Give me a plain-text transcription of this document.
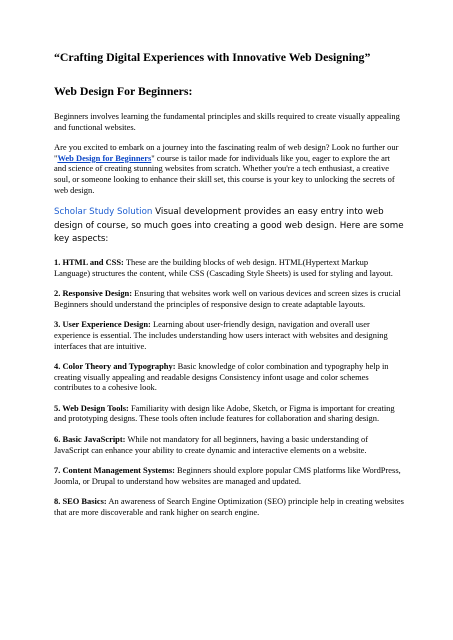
“Crafting Digital Experiences with Innovative Web Designing”
Web Design For Beginners:

Beginners involves learning the fundamental principles and skills required to create visually appealing and functional websites.

Are you excited to embark on a journey into the fascinating realm of web design? Look no further our "Web Design for Beginners" course is tailor made for individuals like you, eager to explore the art and science of creating stunning websites from scratch. Whether you're a tech enthusiast, a creative soul, or someone looking to enhance their skill set, this course is your key to unlocking the secrets of web design.

Scholar Study Solution Visual development provides an easy entry into web design of course, so much goes into creating a good web design. Here are some key aspects:

1. HTML and CSS: These are the building blocks of web design. HTML(Hypertext Markup Language) structures the content, while CSS (Cascading Style Sheets) is used for styling and layout.

2. Responsive Design: Ensuring that websites work well on various devices and screen sizes is crucial Beginners should understand the principles of responsive design to create adaptable layouts.

3. User Experience Design: Learning about user-friendly design, navigation and overall user experience is essential. The includes understanding how users interact with websites and designing interfaces that are intuitive.

4. Color Theory and Typography: Basic knowledge of color combination and typography help in creating visually appealing and readable designs Consistency infont usage and color schemes contributes to a cohesive look.

5. Web Design Tools: Familiarity with design like Adobe, Sketch, or Figma is important for creating and prototyping designs. These tools often include features for collaboration and sharing design.

6. Basic JavaScript: While not mandatory for all beginners, having a basic understanding of JavaScript can enhance your ability to create dynamic and interactive elements on a website.

7. Content Management Systems: Beginners should explore popular CMS platforms like WordPress, Joomla, or Drupal to understand how websites are managed and updated.

8. SEO Basics: An awareness of Search Engine Optimization (SEO) principle help in creating websites that are more discoverable and rank higher on search engine.
